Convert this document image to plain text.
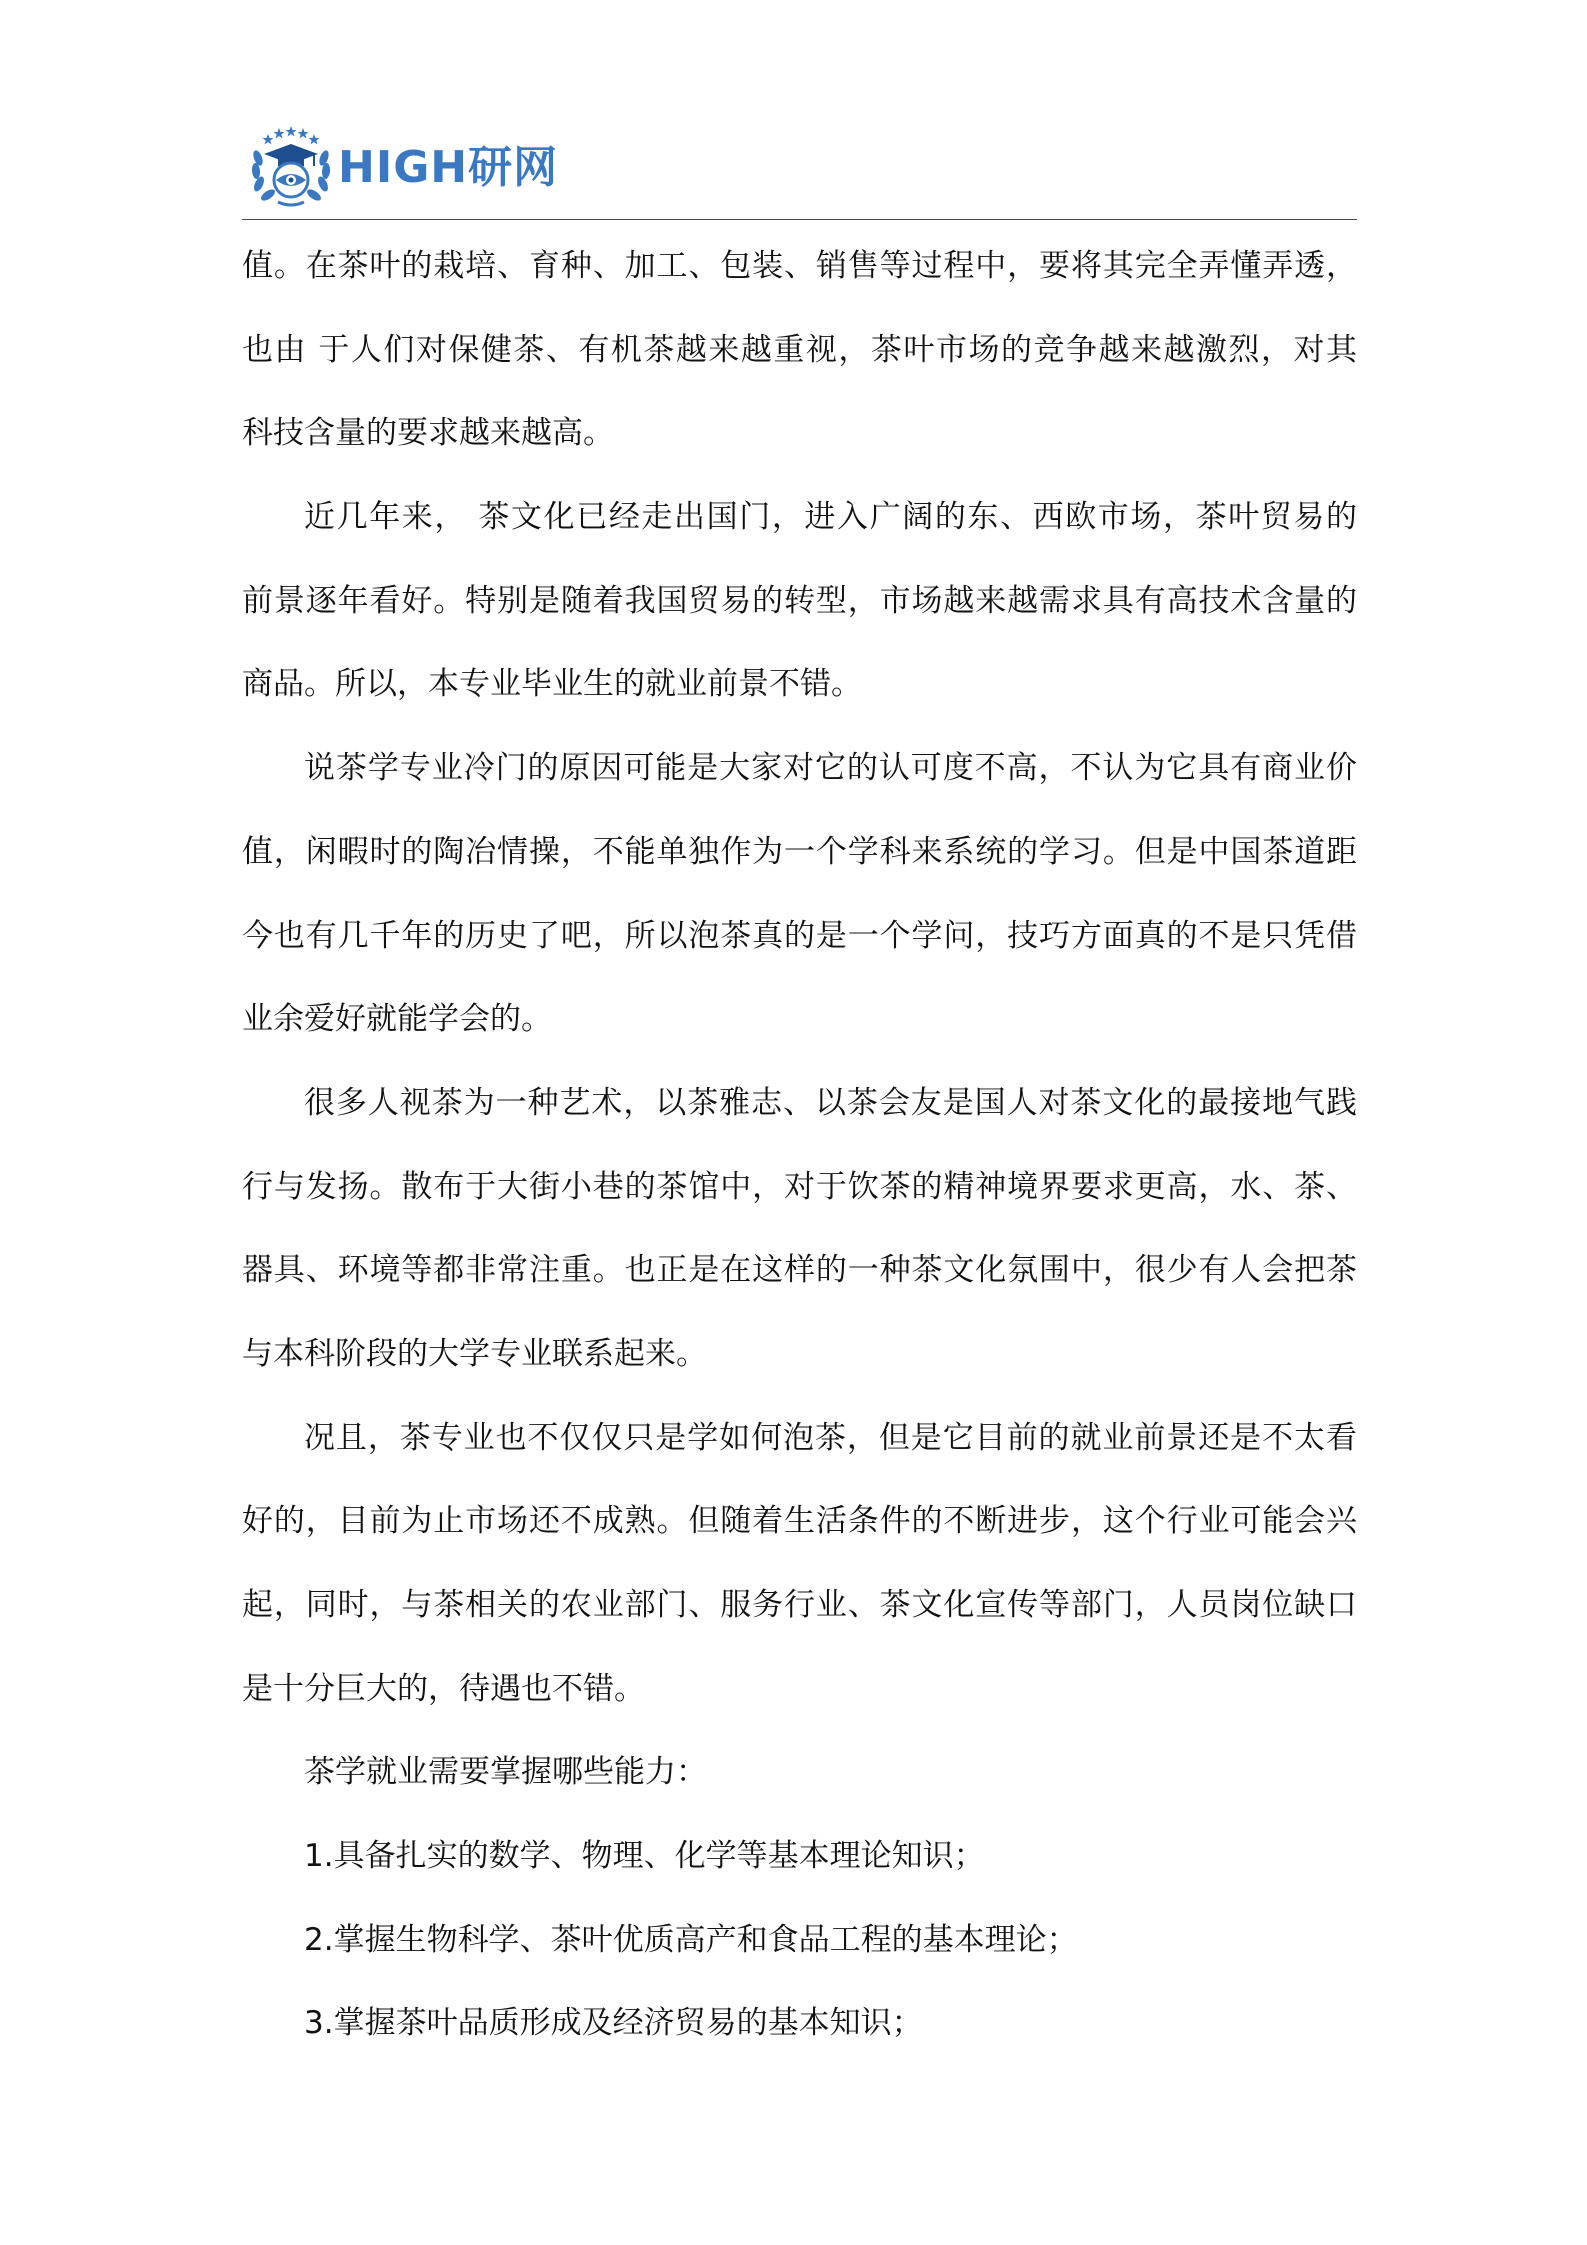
HIGH研网
值。在茶叶的栽培、育种、加工、包装、销售等过程中，要将其完全弄懂弄透，
也由 于人们对保健茶、有机茶越来越重视，茶叶市场的竞争越来越激烈，对其
科技含量的要求越来越高。
近几年来， 茶文化已经走出国门，进入广阔的东、西欧市场，茶叶贸易的
前景逐年看好。特别是随着我国贸易的转型，市场越来越需求具有高技术含量的
商品。所以，本专业毕业生的就业前景不错。
说茶学专业冷门的原因可能是大家对它的认可度不高，不认为它具有商业价
值，闲暇时的陶冶情操，不能单独作为一个学科来系统的学习。但是中国茶道距
今也有几千年的历史了吧，所以泡茶真的是一个学问，技巧方面真的不是只凭借
业余爱好就能学会的。
很多人视茶为一种艺术，以茶雅志、以茶会友是国人对茶文化的最接地气践
行与发扬。散布于大街小巷的茶馆中，对于饮茶的精神境界要求更高，水、茶、
器具、环境等都非常注重。也正是在这样的一种茶文化氛围中，很少有人会把茶
与本科阶段的大学专业联系起来。
况且，茶专业也不仅仅只是学如何泡茶，但是它目前的就业前景还是不太看
好的，目前为止市场还不成熟。但随着生活条件的不断进步，这个行业可能会兴
起，同时，与茶相关的农业部门、服务行业、茶文化宣传等部门，人员岗位缺口
是十分巨大的，待遇也不错。
茶学就业需要掌握哪些能力：
1.具备扎实的数学、物理、化学等基本理论知识；
2.掌握生物科学、茶叶优质高产和食品工程的基本理论；
3.掌握茶叶品质形成及经济贸易的基本知识；
